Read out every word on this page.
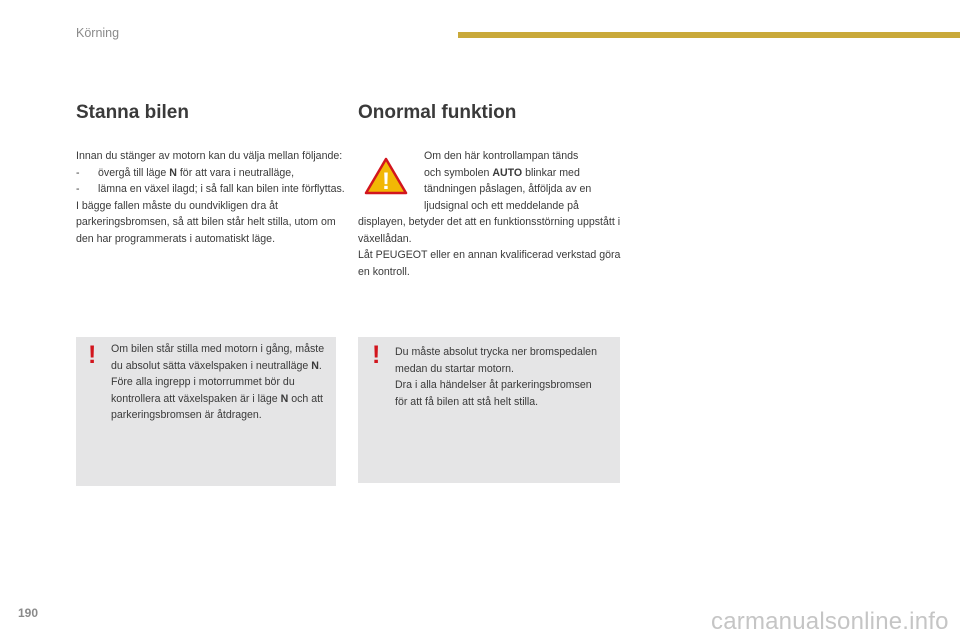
Körning
Stanna bilen	Onormal funktion

Innan du stänger av motorn kan du välja mellan följande:

-	övergå till läge N för att vara i neutralläge,
-	lämna en växel ilagd; i så fall kan bilen inte förflyttas.

I bägge fallen måste du oundvikligen dra åt parkeringsbromsen, så att bilen står helt stilla, utom om den har programmerats i automatiskt läge.

!

Om den här kontrollampan tänds

och symbolen AUTO blinkar med

tändningen påslagen, åtföljda av en

ljudsignal och ett meddelande på

displayen, betyder det att en funktionsstörning uppstått i växellådan.

Låt PEUGEOT eller en annan kvalificerad verkstad göra en kontroll.

! Om bilen står stilla med motorn i gång, måste du absolut sätta växelspaken i neutralläge N.

Före alla ingrepp i motorrummet bör du kontrollera att växelspaken är i läge N och att parkeringsbromsen är åtdragen.

! Du måste absolut trycka ner bromspedalen medan du startar motorn.

Dra i alla händelser åt parkeringsbromsen för att få bilen att stå helt stilla.

190	carmanualsonline.info
